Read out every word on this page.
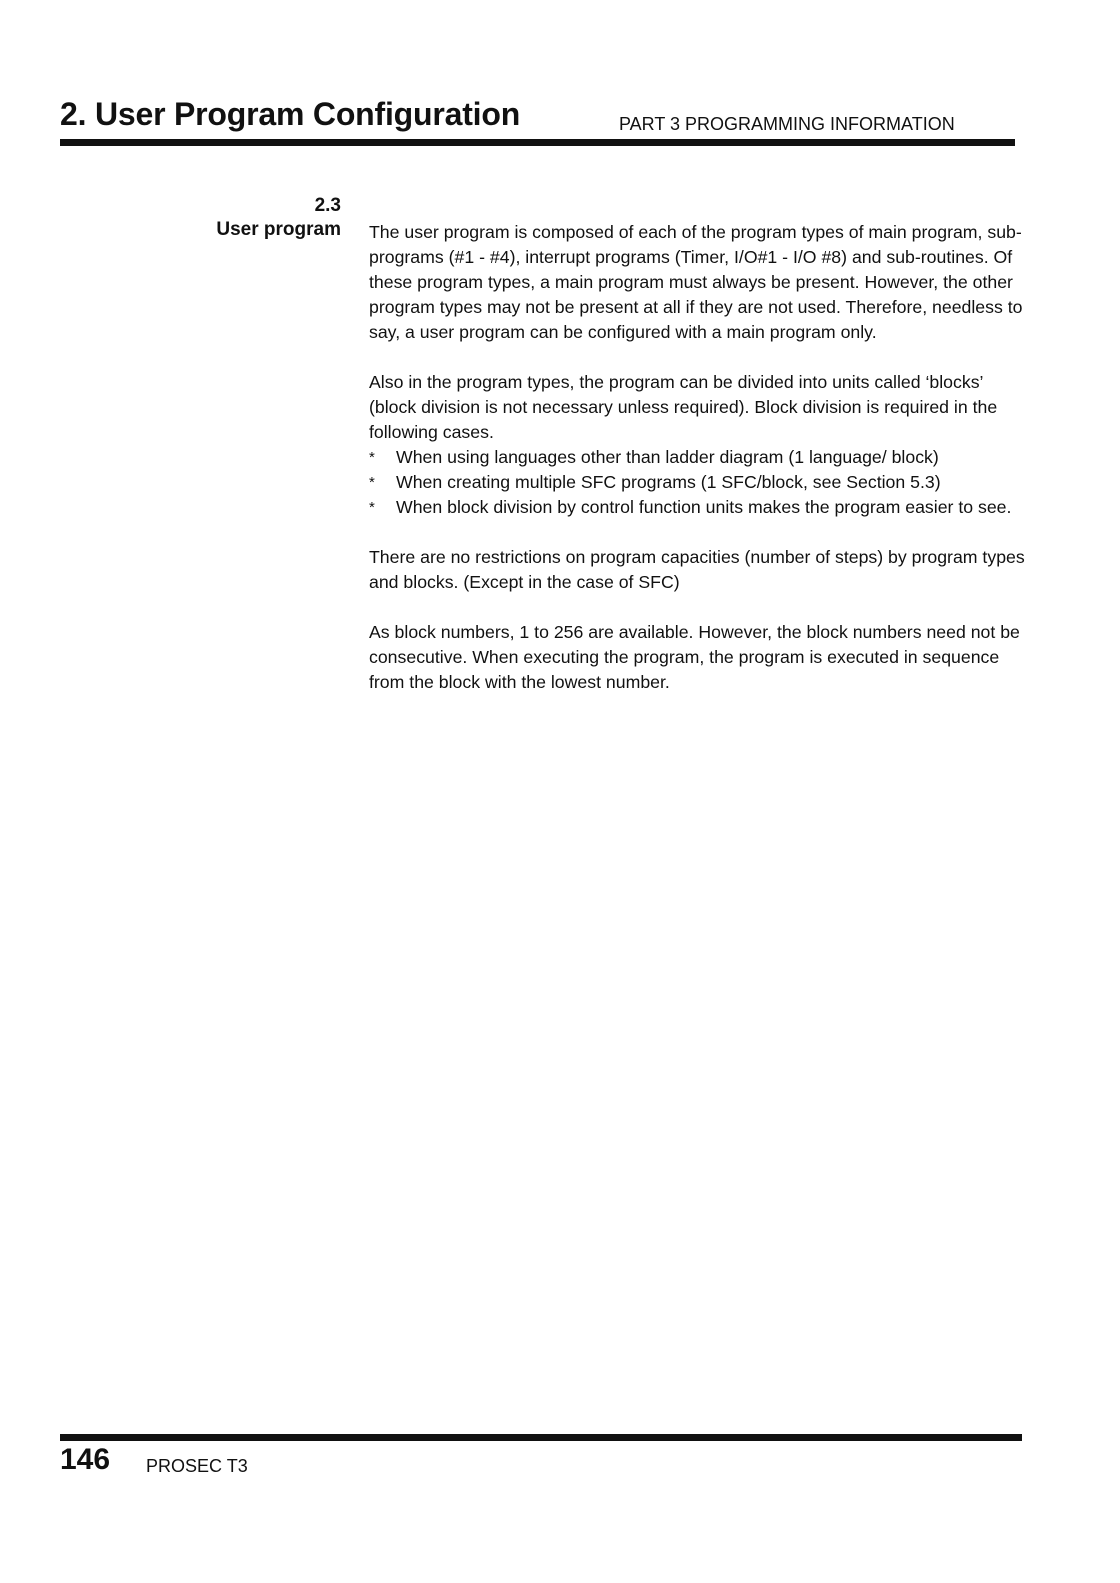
2. User Program Configuration	PART 3 PROGRAMMING INFORMATION
2.3
User program The user program is composed of each of the program types of main program, sub-programs (#1 - #4), interrupt programs (Timer, I/O#1 - I/O #8) and sub-routines. Of these program types, a main program must always be present. However, the other program types may not be present at all if they are not used. Therefore, needless to say, a user program can be configured with a main program only.

Also in the program types, the program can be divided into units called ‘blocks’ (block division is not necessary unless required). Block division is required in the following cases.

* When using languages other than ladder diagram (1 language/ block)
* When creating multiple SFC programs (1 SFC/block, see Section 5.3)
* When block division by control function units makes the program easier to see.

There are no restrictions on program capacities (number of steps) by program types and blocks. (Except in the case of SFC)

As block numbers, 1 to 256 are available. However, the block numbers need not be consecutive. When executing the program, the program is executed in sequence from the block with the lowest number.

146 PROSEC T3
